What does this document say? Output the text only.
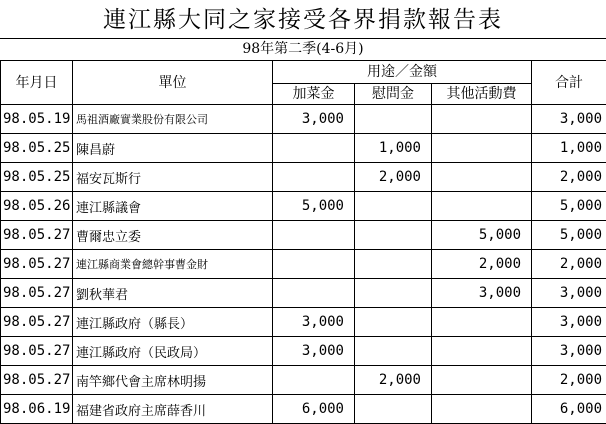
連江縣大同之家接受各界捐款報告表
98年第二季(4-6月)
年月日	單位	用途／金額			合計
		加菜金	慰問金	其他活動費	
98.05.19	馬祖酒廠實業股份有限公司	3,000			3,000
98.05.25	陳昌蔚		1,000		1,000
98.05.25	福安瓦斯行		2,000		2,000
98.05.26	連江縣議會	5,000			5,000
98.05.27	曹爾忠立委			5,000	5,000
98.05.27	連江縣商業會總幹事曹金財			2,000	2,000
98.05.27	劉秋華君			3,000	3,000
98.05.27	連江縣政府（縣長）	3,000			3,000
98.05.27	連江縣政府（民政局）	3,000			3,000
98.05.27	南竿鄉代會主席林明揚		2,000		2,000
98.06.19	福建省政府主席薛香川	6,000			6,000
